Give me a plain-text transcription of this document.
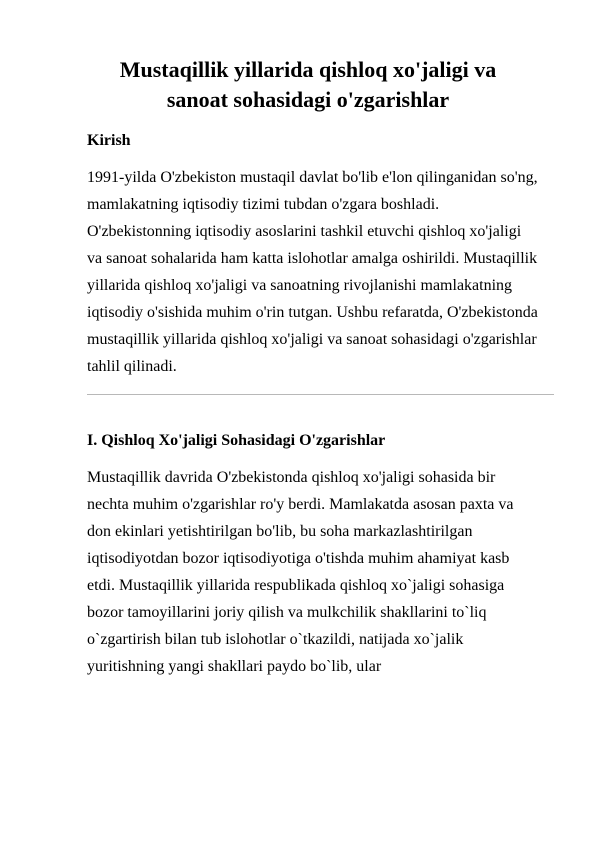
Mustaqillik yillarida qishloq xo'jaligi va
sanoat sohasidagi o'zgarishlar
Kirish

1991-yilda O'zbekiston mustaqil davlat bo'lib e'lon qilinganidan so'ng, mamlakatning iqtisodiy tizimi tubdan o'zgara boshladi. O'zbekistonning iqtisodiy asoslarini tashkil etuvchi qishloq xo'jaligi va sanoat sohalarida ham katta islohotlar amalga oshirildi. Mustaqillik yillarida qishloq xo'jaligi va sanoatning rivojlanishi mamlakatning iqtisodiy o'sishida muhim o'rin tutgan. Ushbu refaratda, O'zbekistonda mustaqillik yillarida qishloq xo'jaligi va sanoat sohasidagi o'zgarishlar tahlil qilinadi.

I. Qishloq Xo'jaligi Sohasidagi O'zgarishlar

Mustaqillik davrida O'zbekistonda qishloq xo'jaligi sohasida bir nechta muhim o'zgarishlar ro'y berdi. Mamlakatda asosan paxta va don ekinlari yetishtirilgan bo'lib, bu soha markazlashtirilgan iqtisodiyotdan bozor iqtisodiyotiga o'tishda muhim ahamiyat kasb etdi. Mustaqillik yillarida respublikada qishloq xo`jaligi sohasiga bozor tamoyillarini joriy qilish va mulkchilik shakllarini to`liq o`zgartirish bilan tub islohotlar o`tkazildi, natijada xo`jalik yuritishning yangi shakllari paydo bo`lib, ular
